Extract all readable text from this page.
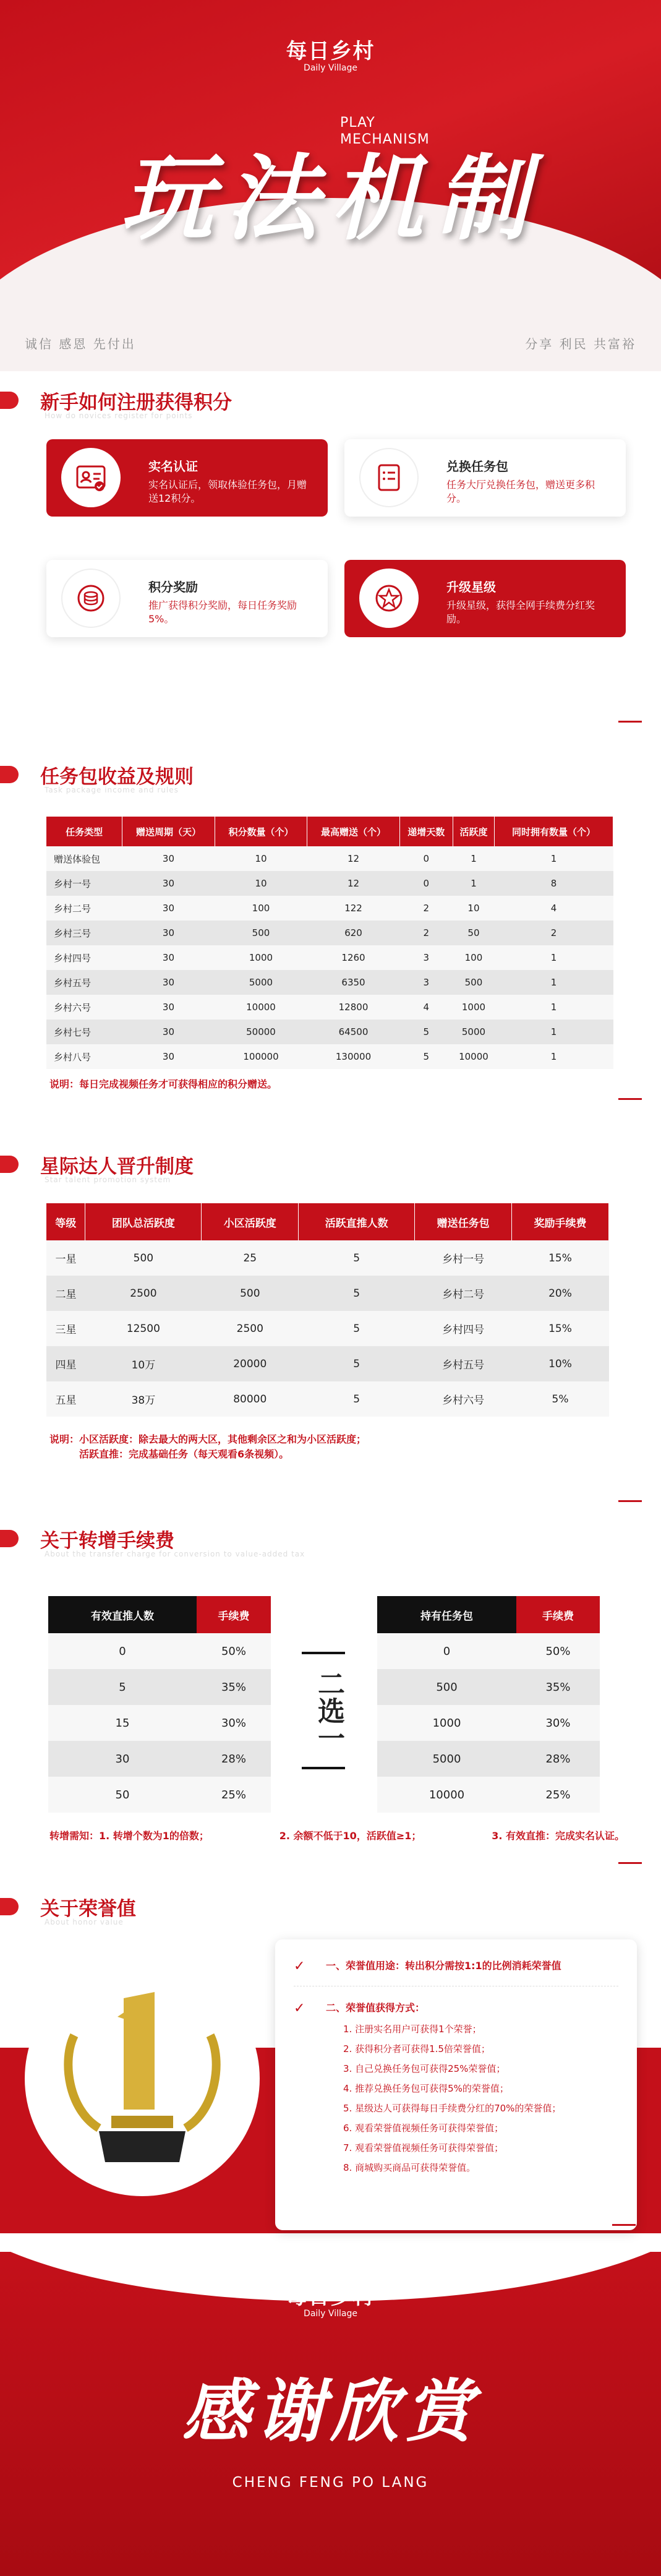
每日乡村
Daily Village
PLAY
MECHANISM
玩法机制
诚信 感恩 先付出	分享 利民 共富裕
新手如何注册获得积分
How do novices register for points
实名认证
实名认证后，领取体验任务包，月赠送12积分。
兑换任务包
任务大厅兑换任务包，赠送更多积分。
积分奖励
推广获得积分奖励，每日任务奖励5%。
升级星级
升级星级，获得全网手续费分红奖励。
任务包收益及规则
Task package income and rules
任务类型	赠送周期（天）	积分数量（个）	最高赠送（个）	递增天数	活跃度	同时拥有数量（个）
赠送体验包	30	10	12	0	1	1
乡村一号	30	10	12	0	1	8
乡村二号	30	100	122	2	10	4
乡村三号	30	500	620	2	50	2
乡村四号	30	1000	1260	3	100	1
乡村五号	30	5000	6350	3	500	1
乡村六号	30	10000	12800	4	1000	1
乡村七号	30	50000	64500	5	5000	1
乡村八号	30	100000	130000	5	10000	1
说明：每日完成视频任务才可获得相应的积分赠送。
星际达人晋升制度
Star talent promotion system
等级	团队总活跃度	小区活跃度	活跃直推人数	赠送任务包	奖励手续费
一星	500	25	5	乡村一号	15%
二星	2500	500	5	乡村二号	20%
三星	12500	2500	5	乡村四号	15%
四星	10万	20000	5	乡村五号	10%
五星	38万	80000	5	乡村六号	5%
说明：小区活跃度：除去最大的两大区，其他剩余区之和为小区活跃度；
活跃直推：完成基础任务（每天观看6条视频）。
关于转增手续费
About the transfer charge for conversion to value-added tax
有效直推人数	手续费
0	50%
5	35%
15	30%
30	28%
50	25%
二选一
持有任务包	手续费
0	50%
500	35%
1000	30%
5000	28%
10000	25%
转增需知：1. 转增个数为1的倍数；	2. 余额不低于10，活跃值≥1；	3. 有效直推：完成实名认证。
关于荣誉值
About honor value
✓ 一、荣誉值用途：转出积分需按1:1的比例消耗荣誉值
✓ 二、荣誉值获得方式：
1. 注册实名用户可获得1个荣誉；
2. 获得积分者可获得1.5倍荣誉值；
3. 自己兑换任务包可获得25%荣誉值；
4. 推荐兑换任务包可获得5%的荣誉值；
5. 星级达人可获得每日手续费分红的70%的荣誉值；
6. 观看荣誉值视频任务可获得荣誉值；
7. 观看荣誉值视频任务可获得荣誉值；
8. 商城购买商品可获得荣誉值。
每日乡村
Daily Village
感谢欣赏
CHENG FENG PO LANG
